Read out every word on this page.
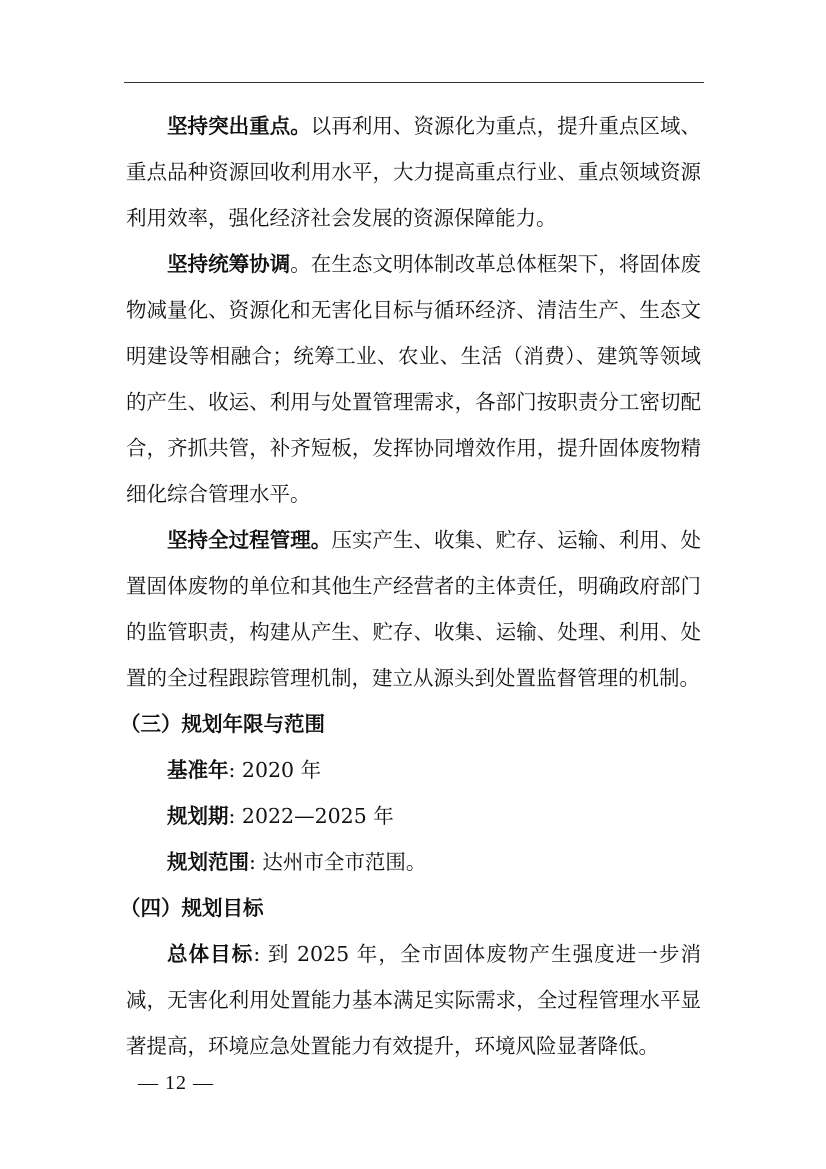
坚持突出重点。以再利用、资源化为重点，提升重点区域、重点品种资源回收利用水平，大力提高重点行业、重点领域资源利用效率，强化经济社会发展的资源保障能力。

坚持统筹协调。在生态文明体制改革总体框架下，将固体废物减量化、资源化和无害化目标与循环经济、清洁生产、生态文明建设等相融合；统筹工业、农业、生活（消费）、建筑等领域的产生、收运、利用与处置管理需求，各部门按职责分工密切配合，齐抓共管，补齐短板，发挥协同增效作用，提升固体废物精细化综合管理水平。

坚持全过程管理。压实产生、收集、贮存、运输、利用、处置固体废物的单位和其他生产经营者的主体责任，明确政府部门的监管职责，构建从产生、贮存、收集、运输、处理、利用、处置的全过程跟踪管理机制，建立从源头到处置监督管理的机制。

（三）规划年限与范围

基准年: 2020 年

规划期: 2022—2025 年

规划范围: 达州市全市范围。

（四）规划目标

总体目标: 到 2025 年，全市固体废物产生强度进一步消减，无害化利用处置能力基本满足实际需求，全过程管理水平显著提高，环境应急处置能力有效提升，环境风险显著降低。

— 12 —
